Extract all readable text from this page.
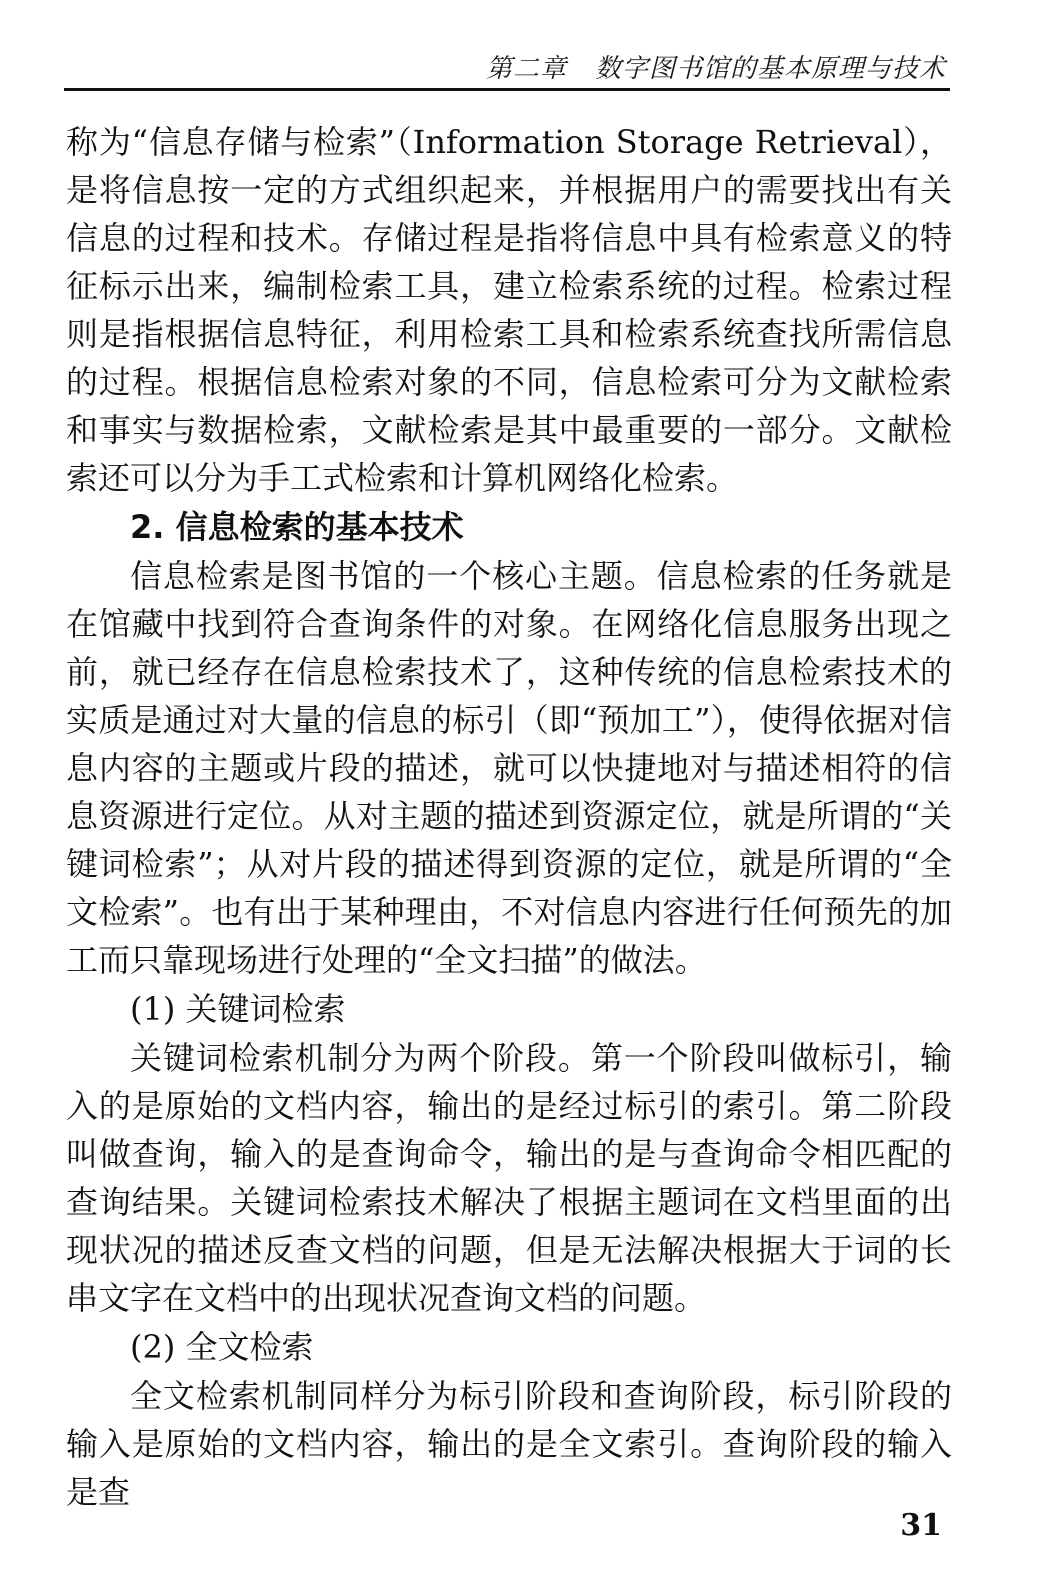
第二章 数字图书馆的基本原理与技术

称为“信息存储与检索”（Information Storage Retrieval），是将信息按一定的方式组织起来，并根据用户的需要找出有关信息的过程和技术。存储过程是指将信息中具有检索意义的特征标示出来，编制检索工具，建立检索系统的过程。检索过程则是指根据信息特征，利用检索工具和检索系统查找所需信息的过程。根据信息检索对象的不同，信息检索可分为文献检索和事实与数据检索，文献检索是其中最重要的一部分。文献检索还可以分为手工式检索和计算机网络化检索。

2. 信息检索的基本技术

信息检索是图书馆的一个核心主题。信息检索的任务就是在馆藏中找到符合查询条件的对象。在网络化信息服务出现之前，就已经存在信息检索技术了，这种传统的信息检索技术的实质是通过对大量的信息的标引（即“预加工”），使得依据对信息内容的主题或片段的描述，就可以快捷地对与描述相符的信息资源进行定位。从对主题的描述到资源定位，就是所谓的“关键词检索”；从对片段的描述得到资源的定位，就是所谓的“全文检索”。也有出于某种理由，不对信息内容进行任何预先的加工而只靠现场进行处理的“全文扫描”的做法。

(1) 关键词检索

关键词检索机制分为两个阶段。第一个阶段叫做标引，输入的是原始的文档内容，输出的是经过标引的索引。第二阶段叫做查询，输入的是查询命令，输出的是与查询命令相匹配的查询结果。关键词检索技术解决了根据主题词在文档里面的出现状况的描述反查文档的问题，但是无法解决根据大于词的长串文字在文档中的出现状况查询文档的问题。

(2) 全文检索

全文检索机制同样分为标引阶段和查询阶段，标引阶段的输入是原始的文档内容，输出的是全文索引。查询阶段的输入是查

31
